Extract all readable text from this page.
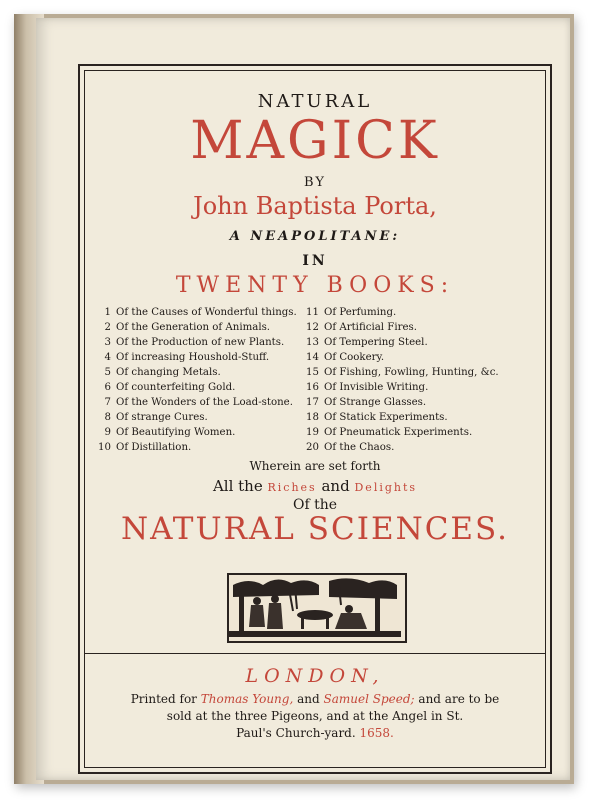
NATURAL
MAGICK
BY
John Baptista Porta,
A NEAPOLITANE:
IN
TWENTY BOOKS:
1 Of the Causes of Wonderful things.
2 Of the Generation of Animals.
3 Of the Production of new Plants.
4 Of increasing Houshold-Stuff.
5 Of changing Metals.
6 Of counterfeiting Gold.
7 Of the Wonders of the Load-stone.
8 Of strange Cures.
9 Of Beautifying Women.
10 Of Distillation.
11 Of Perfuming.
12 Of Artificial Fires.
13 Of Tempering Steel.
14 Of Cookery.
15 Of Fishing, Fowling, Hunting, &c.
16 Of Invisible Writing.
17 Of Strange Glasses.
18 Of Statick Experiments.
19 Of Pneumatick Experiments.
20 Of the Chaos.
Wherein are set forth
All the Riches and Delights
Of the
NATURAL SCIENCES.
LONDON,
Printed for Thomas Young, and Samuel Speed; and are to be
sold at the three Pigeons, and at the Angel in St.
Paul's Church-yard. 1658.
